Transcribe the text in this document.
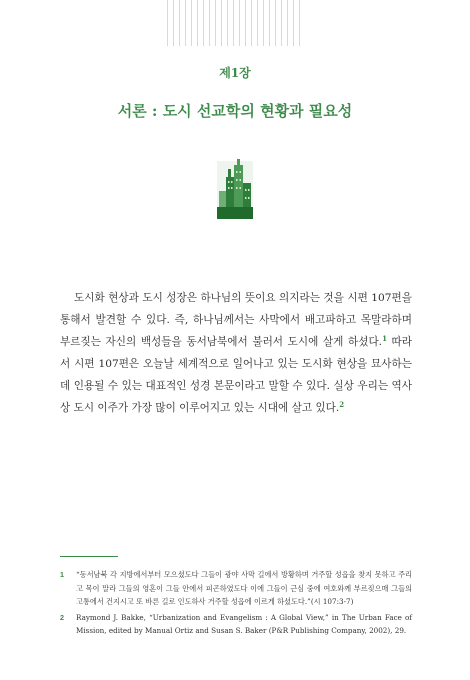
제1장
서론 : 도시 선교학의 현황과 필요성

도시화 현상과 도시 성장은 하나님의 뜻이요 의지라는 것을 시편 107편을 통해서 발견할 수 있다. 즉, 하나님께서는 사막에서 배고파하고 목말라하며 부르짖는 자신의 백성들을 동서남북에서 불러서 도시에 살게 하셨다.$^1$ 따라서 시편 107편은 오늘날 세계적으로 일어나고 있는 도시화 현상을 묘사하는 데 인용될 수 있는 대표적인 성경 본문이라고 말할 수 있다. 실상 우리는 역사상 도시 이주가 가장 많이 이루어지고 있는 시대에 살고 있다.$^2$

1 “동서남북 각 지방에서부터 모으셨도다 그들이 광야 사막 길에서 방황하며 거주할 성읍을 찾지 못하고 주리고 목이 말라 그들의 영혼이 그들 안에서 피곤하였도다 이에 그들이 근심 중에 여호와께 부르짖으매 그들의 고통에서 건지시고 또 바른 길로 인도하사 거주할 성읍에 이르게 하셨도다.”(시 107:3-7)
2 Raymond J. Bakke, “Urbanization and Evangelism : A Global View,” in The Urban Face of Mission, edited by Manual Ortiz and Susan S. Baker (P&R Publishing Company, 2002), 29.
